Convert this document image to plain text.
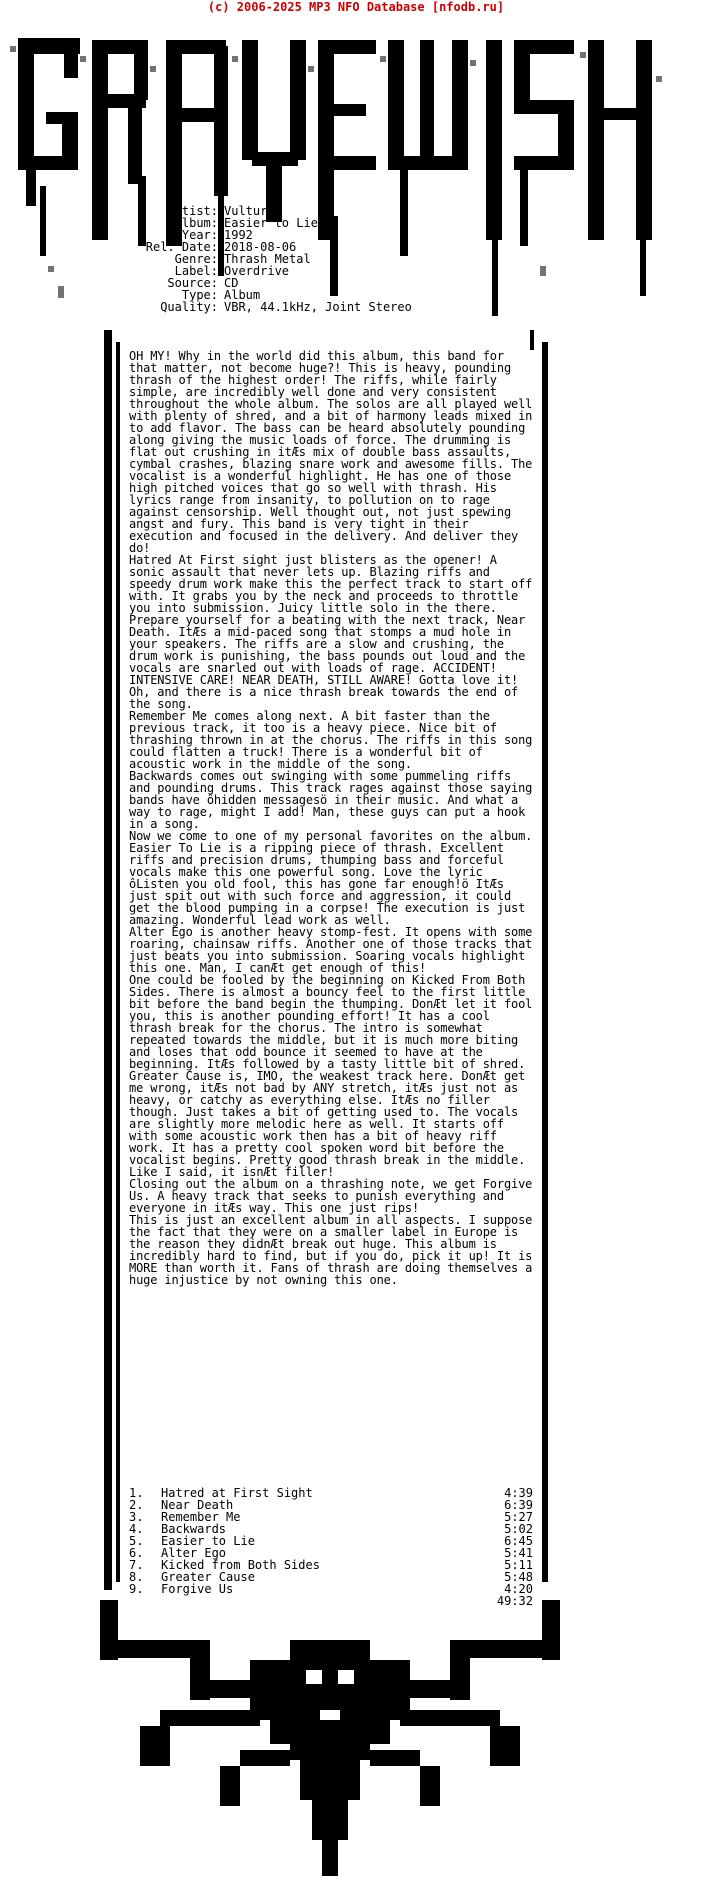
(c) 2006-2025 MP3 NFO Database [nfodb.ru]
Artist: Vulture
Album: Easier to Lie
Year: 1992
Rel. Date: 2018-08-06
Genre: Thrash Metal
Label: Overdrive
Source: CD
Type: Album
Quality: VBR, 44.1kHz, Joint Stereo

OH MY! Why in the world did this album, this band for that matter, not become huge?! This is heavy, pounding thrash of the highest order! The riffs, while fairly simple, are incredibly well done and very consistent throughout the whole album. The solos are all played well with plenty of shred, and a bit of harmony leads mixed in to add flavor. The bass can be heard absolutely pounding along giving the music loads of force. The drumming is flat out crushing in itÆs mix of double bass assaults, cymbal crashes, blazing snare work and awesome fills. The vocalist is a wonderful highlight. He has one of those high pitched voices that go so well with thrash. His lyrics range from insanity, to pollution on to rage against censorship. Well thought out, not just spewing angst and fury. This band is very tight in their execution and focused in the delivery. And deliver they do!

Hatred At First sight just blisters as the opener! A sonic assault that never lets up. Blazing riffs and speedy drum work make this the perfect track to start off with. It grabs you by the neck and proceeds to throttle you into submission. Juicy little solo in the there.

Prepare yourself for a beating with the next track, Near Death. ItÆs a mid-paced song that stomps a mud hole in your speakers. The riffs are a slow and crushing, the drum work is punishing, the bass pounds out loud and the vocals are snarled out with loads of rage. ACCIDENT! INTENSIVE CARE! NEAR DEATH, STILL AWARE! Gotta love it! Oh, and there is a nice thrash break towards the end of the song.

Remember Me comes along next. A bit faster than the previous track, it too is a heavy piece. Nice bit of thrashing thrown in at the chorus. The riffs in this song could flatten a truck! There is a wonderful bit of acoustic work in the middle of the song.

Backwards comes out swinging with some pummeling riffs and pounding drums. This track rages against those saying bands have ôhidden messagesö in their music. And what a way to rage, might I add! Man, these guys can put a hook in a song.

Now we come to one of my personal favorites on the album. Easier To Lie is a ripping piece of thrash. Excellent riffs and precision drums, thumping bass and forceful vocals make this one powerful song. Love the lyric ôListen you old fool, this has gone far enough!ö ItÆs just spit out with such force and aggression, it could get the blood pumping in a corpse! The execution is just amazing. Wonderful lead work as well.

Alter Ego is another heavy stomp-fest. It opens with some roaring, chainsaw riffs. Another one of those tracks that just beats you into submission. Soaring vocals highlight this one. Man, I canÆt get enough of this!

One could be fooled by the beginning on Kicked From Both Sides. There is almost a bouncy feel to the first little bit before the band begin the thumping. DonÆt let it fool you, this is another pounding effort! It has a cool thrash break for the chorus. The intro is somewhat repeated towards the middle, but it is much more biting and loses that odd bounce it seemed to have at the beginning. ItÆs followed by a tasty little bit of shred.

Greater Cause is, IMO, the weakest track here. DonÆt get me wrong, itÆs not bad by ANY stretch, itÆs just not as heavy, or catchy as everything else. ItÆs no filler though. Just takes a bit of getting used to. The vocals are slightly more melodic here as well. It starts off with some acoustic work then has a bit of heavy riff work. It has a pretty cool spoken word bit before the vocalist begins. Pretty good thrash break in the middle. Like I said, it isnÆt filler!

Closing out the album on a thrashing note, we get Forgive Us. A heavy track that seeks to punish everything and everyone in itÆs way. This one just rips!

This is just an excellent album in all aspects. I suppose the fact that they were on a smaller label in Europe is the reason they didnÆt break out huge. This album is incredibly hard to find, but if you do, pick it up! It is MORE than worth it. Fans of thrash are doing themselves a huge injustice by not owning this one.

1. Hatred at First Sight	4:39
2. Near Death	6:39
3. Remember Me	5:27
4. Backwards	5:02
5. Easier to Lie	6:45
6. Alter Ego	5:41
7. Kicked from Both Sides	5:11
8. Greater Cause	5:48
9. Forgive Us	4:20
49:32
